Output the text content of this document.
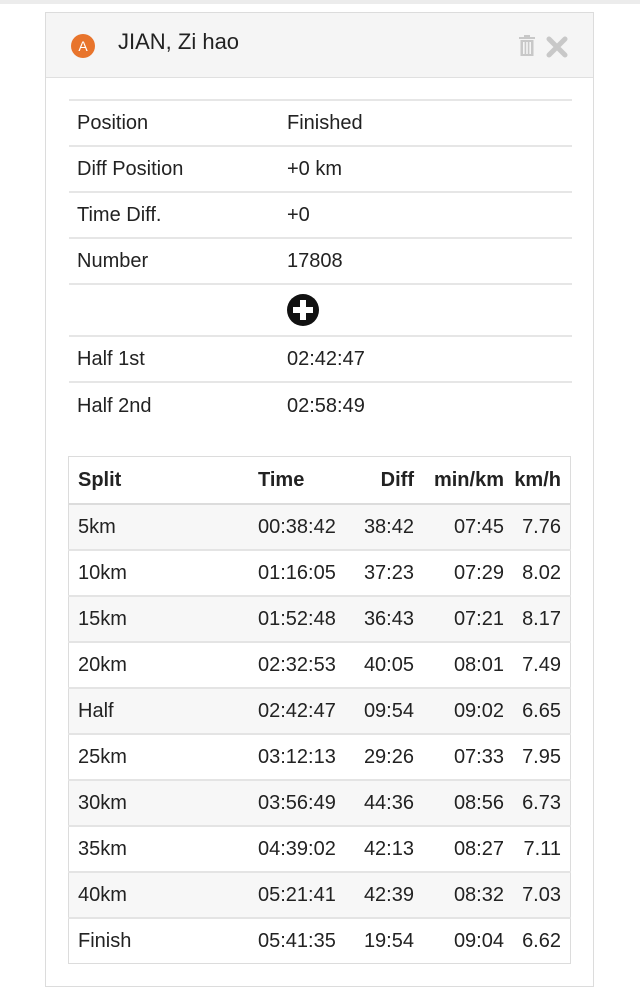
A	JIAN, Zi hao
Position	Finished
Diff Position	+0 km
Time Diff.	+0
Number	17808

Half 1st	02:42:47
Half 2nd	02:58:49
Split	Time	Diff	min/km	km/h
5km	00:38:42	38:42	07:45	7.76
10km	01:16:05	37:23	07:29	8.02
15km	01:52:48	36:43	07:21	8.17
20km	02:32:53	40:05	08:01	7.49
Half	02:42:47	09:54	09:02	6.65
25km	03:12:13	29:26	07:33	7.95
30km	03:56:49	44:36	08:56	6.73
35km	04:39:02	42:13	08:27	7.11
40km	05:21:41	42:39	08:32	7.03
Finish	05:41:35	19:54	09:04	6.62
